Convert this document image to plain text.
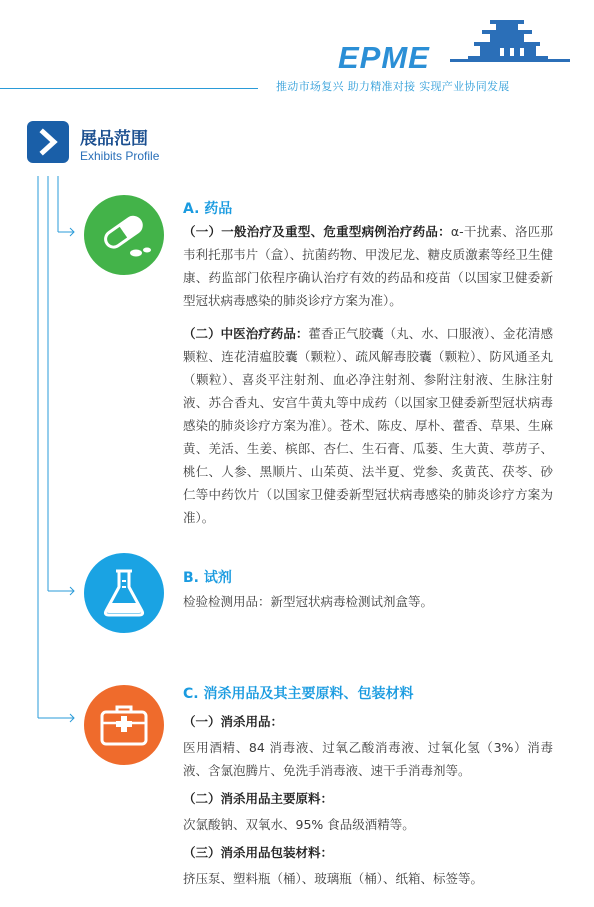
EPME
推动市场复兴 助力精准对接 实现产业协同发展
展品范围
Exhibits Profile
A. 药品
（一）一般治疗及重型、危重型病例治疗药品：α-干扰素、洛匹那韦利托那韦片（盒）、抗菌药物、甲泼尼龙、糖皮质激素等经卫生健康、药监部门依程序确认治疗有效的药品和疫苗（以国家卫健委新型冠状病毒感染的肺炎诊疗方案为准）。
（二）中医治疗药品：藿香正气胶囊（丸、水、口服液）、金花清感颗粒、连花清瘟胶囊（颗粒）、疏风解毒胶囊（颗粒）、防风通圣丸（颗粒）、喜炎平注射剂、血必净注射剂、参附注射液、生脉注射液、苏合香丸、安宫牛黄丸等中成药（以国家卫健委新型冠状病毒感染的肺炎诊疗方案为准）。苍术、陈皮、厚朴、藿香、草果、生麻黄、羌活、生姜、槟郎、杏仁、生石膏、瓜蒌、生大黄、葶苈子、桃仁、人参、黑顺片、山茱萸、法半夏、党参、炙黄芪、茯苓、砂仁等中药饮片（以国家卫健委新型冠状病毒感染的肺炎诊疗方案为准）。
B. 试剂
检验检测用品：新型冠状病毒检测试剂盒等。
C. 消杀用品及其主要原料、包装材料
（一）消杀用品：
医用酒精、84 消毒液、过氧乙酸消毒液、过氧化氢（3%）消毒液、含氯泡腾片、免洗手消毒液、速干手消毒剂等。
（二）消杀用品主要原料：
次氯酸钠、双氧水、95% 食品级酒精等。
（三）消杀用品包装材料：
挤压泵、塑料瓶（桶）、玻璃瓶（桶）、纸箱、标签等。
